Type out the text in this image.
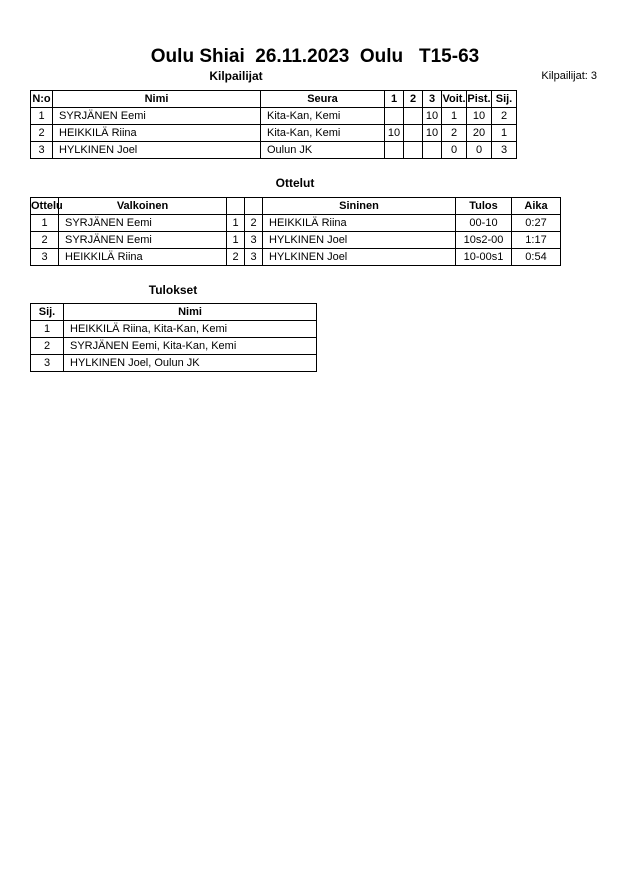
Oulu Shiai  26.11.2023  Oulu   T15-63
Kilpailijat	Kilpailijat: 3
N:o	Nimi	Seura	1	2	3	Voit.	Pist.	Sij.
1	SYRJÄNEN Eemi	Kita-Kan, Kemi			10	1	10	2
2	HEIKKILÄ Riina	Kita-Kan, Kemi	10		10	2	20	1
3	HYLKINEN Joel	Oulun JK				0	0	3
Ottelut
Ottelu	Valkoinen			Sininen	Tulos	Aika
1	SYRJÄNEN Eemi	1	2	HEIKKILÄ Riina	00-10	0:27
2	SYRJÄNEN Eemi	1	3	HYLKINEN Joel	10s2-00	1:17
3	HEIKKILÄ Riina	2	3	HYLKINEN Joel	10-00s1	0:54
Tulokset
Sij.	Nimi
1	HEIKKILÄ Riina, Kita-Kan, Kemi
2	SYRJÄNEN Eemi, Kita-Kan, Kemi
3	HYLKINEN Joel, Oulun JK
